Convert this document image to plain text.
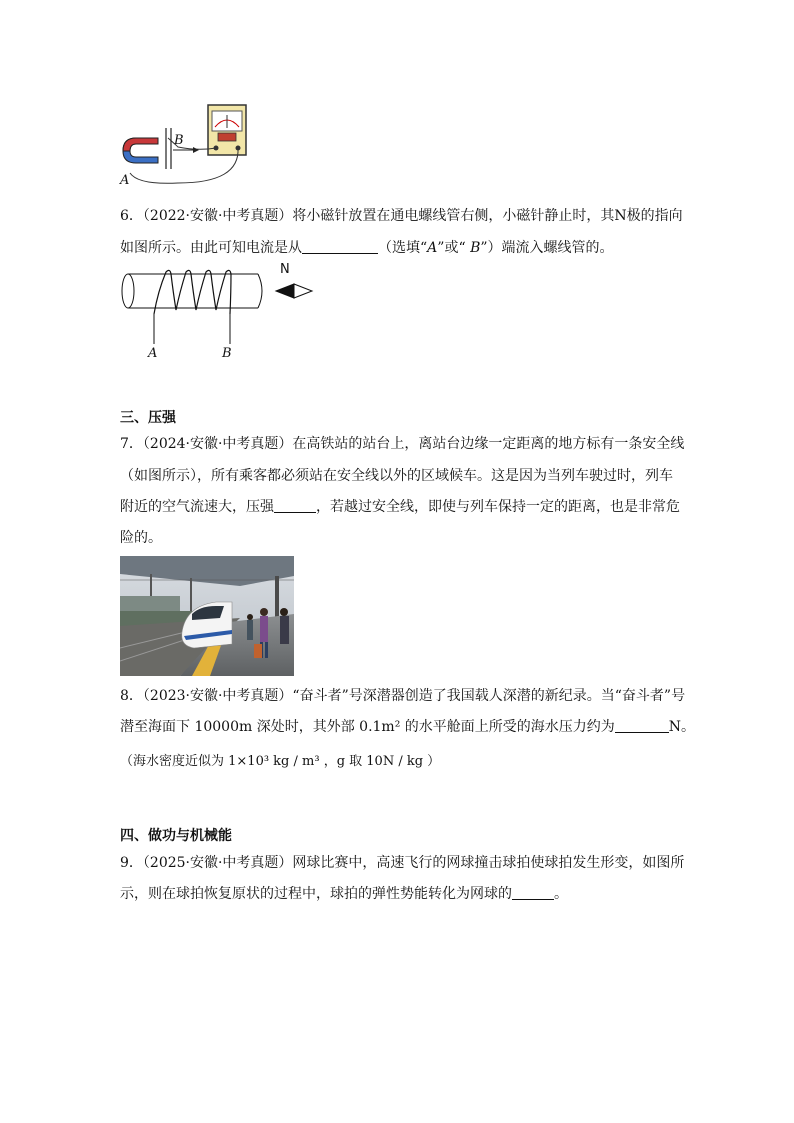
B
A
6．（2022·安徽·中考真题）将小磁针放置在通电螺线管右侧，小磁针静止时，其N极的指向
如图所示。由此可知电流是从	（选填“A”或“ B”）端流入螺线管的。
N
A	B
三、压强
7．（2024·安徽·中考真题）在高铁站的站台上，离站台边缘一定距离的地方标有一条安全线
（如图所示），所有乘客都必须站在安全线以外的区域候车。这是因为当列车驶过时，列车
附近的空气流速大，压强	，若越过安全线，即使与列车保持一定的距离，也是非常危
险的。
8．（2023·安徽·中考真题）“奋斗者”号深潜器创造了我国载人深潜的新纪录。当“奋斗者”号
潜至海面下 10000m 深处时，其外部 0.1m² 的水平舱面上所受的海水压力约为	N。
（海水密度近似为 1×10³ kg / m³ ，g 取 10N / kg ）
四、做功与机械能
9．（2025·安徽·中考真题）网球比赛中，高速飞行的网球撞击球拍使球拍发生形变，如图所
示，则在球拍恢复原状的过程中，球拍的弹性势能转化为网球的	。
